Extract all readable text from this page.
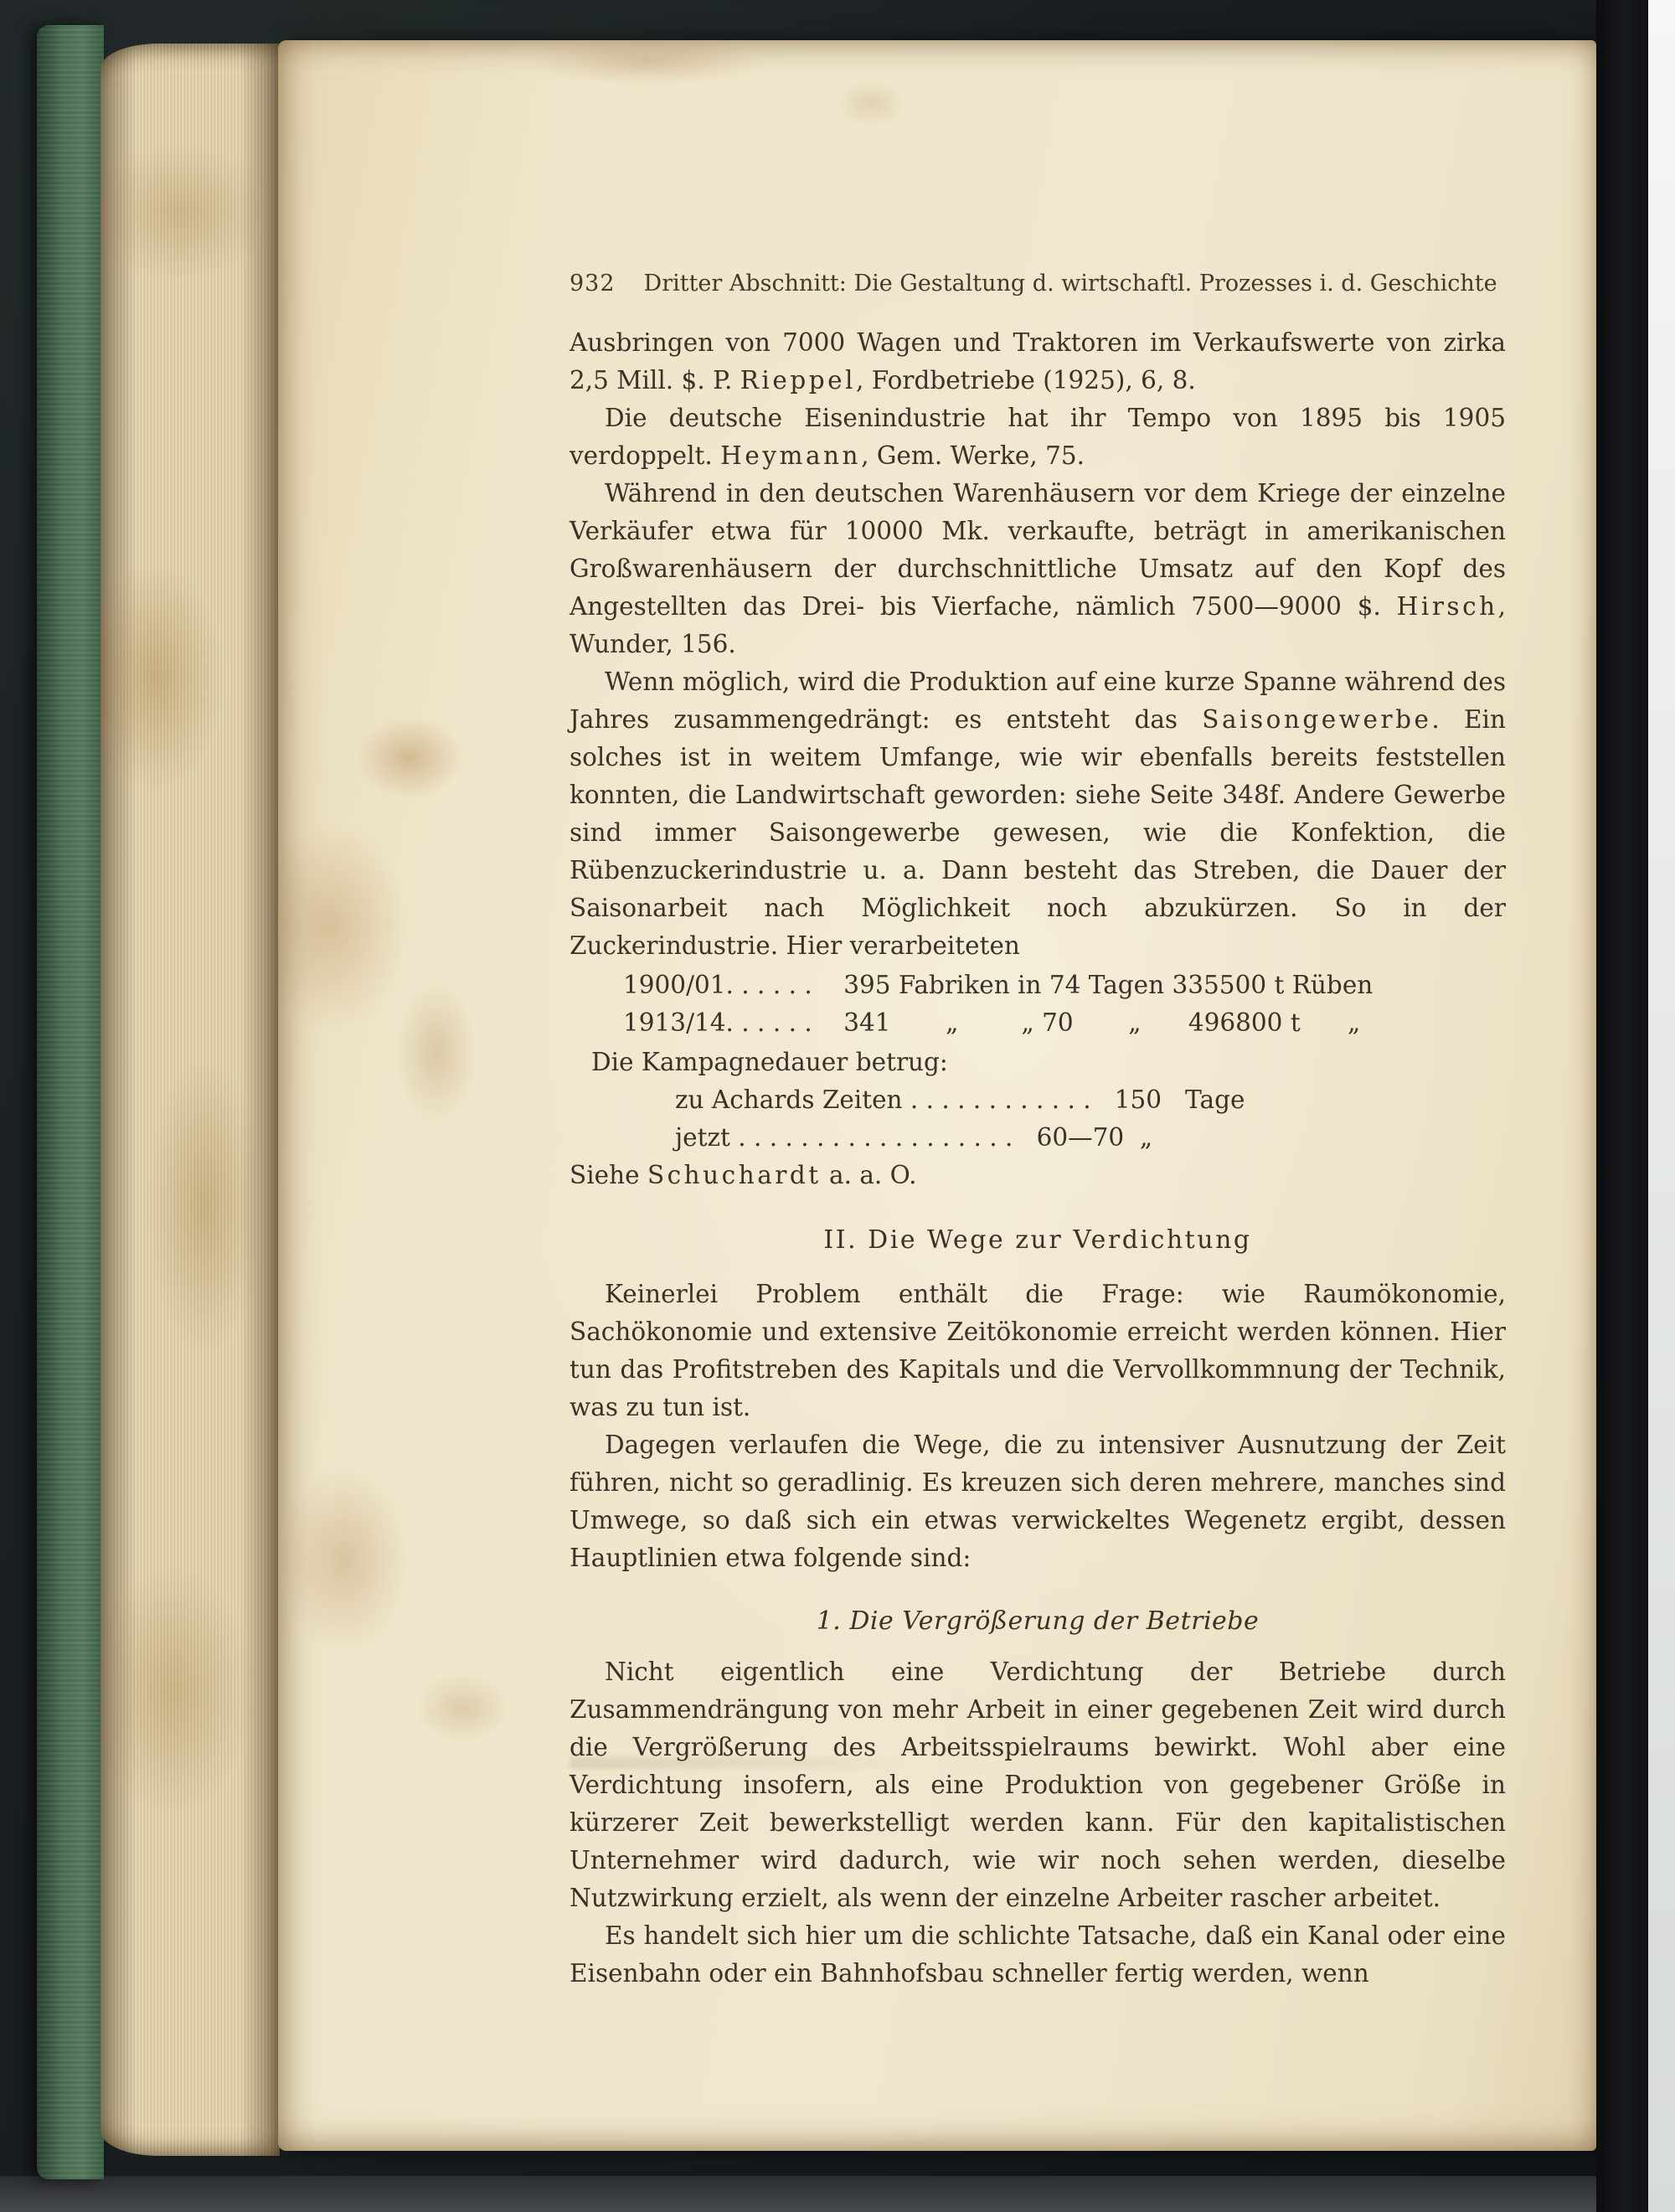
932 Dritter Abschnitt: Die Gestaltung d. wirtschaftl. Prozesses i. d. Geschichte

Ausbringen von 7000 Wagen und Traktoren im Verkaufswerte von zirka 2,5 Mill. $. P. Rieppel, Fordbetriebe (1925), 6, 8.

Die deutsche Eisenindustrie hat ihr Tempo von 1895 bis 1905 verdoppelt. Heymann, Gem. Werke, 75.

Während in den deutschen Warenhäusern vor dem Kriege der einzelne Verkäufer etwa für 10000 Mk. verkaufte, beträgt in amerikanischen Großwarenhäusern der durchschnittliche Umsatz auf den Kopf des Angestellten das Drei- bis Vierfache, nämlich 7500—9000 $. Hirsch, Wunder, 156.

Wenn möglich, wird die Produktion auf eine kurze Spanne während des Jahres zusammengedrängt: es entsteht das Saisongewerbe. Ein solches ist in weitem Umfange, wie wir ebenfalls bereits feststellen konnten, die Landwirtschaft geworden: siehe Seite 348f. Andere Gewerbe sind immer Saisongewerbe gewesen, wie die Konfektion, die Rübenzuckerindustrie u. a. Dann besteht das Streben, die Dauer der Saisonarbeit nach Möglichkeit noch abzukürzen. So in der Zuckerindustrie. Hier verarbeiteten

1900/01. . . . . .    395 Fabriken in 74 Tagen 335500 t Rüben
1913/14. . . . . .    341       „        „ 70       „      496800 t      „
Die Kampagnedauer betrug:
zu Achards Zeiten . . . . . . . . . . . .   150   Tage
jetzt . . . . . . . . . . . . . . . . . .   60—70  „
Siehe Schuchardt a. a. O.
II. Die Wege zur Verdichtung

Keinerlei Problem enthält die Frage: wie Raumökonomie, Sachökonomie und extensive Zeitökonomie erreicht werden können. Hier tun das Profitstreben des Kapitals und die Vervollkommnung der Technik, was zu tun ist.

Dagegen verlaufen die Wege, die zu intensiver Ausnutzung der Zeit führen, nicht so geradlinig. Es kreuzen sich deren mehrere, manches sind Umwege, so daß sich ein etwas verwickeltes Wegenetz ergibt, dessen Hauptlinien etwa folgende sind:

1. Die Vergrößerung der Betriebe

Nicht eigentlich eine Verdichtung der Betriebe durch Zusammendrängung von mehr Arbeit in einer gegebenen Zeit wird durch die Vergrößerung des Arbeitsspielraums bewirkt. Wohl aber eine Verdichtung insofern, als eine Produktion von gegebener Größe in kürzerer Zeit bewerkstelligt werden kann. Für den kapitalistischen Unternehmer wird dadurch, wie wir noch sehen werden, dieselbe Nutzwirkung erzielt, als wenn der einzelne Arbeiter rascher arbeitet.

Es handelt sich hier um die schlichte Tatsache, daß ein Kanal oder eine Eisenbahn oder ein Bahnhofsbau schneller fertig werden, wenn
